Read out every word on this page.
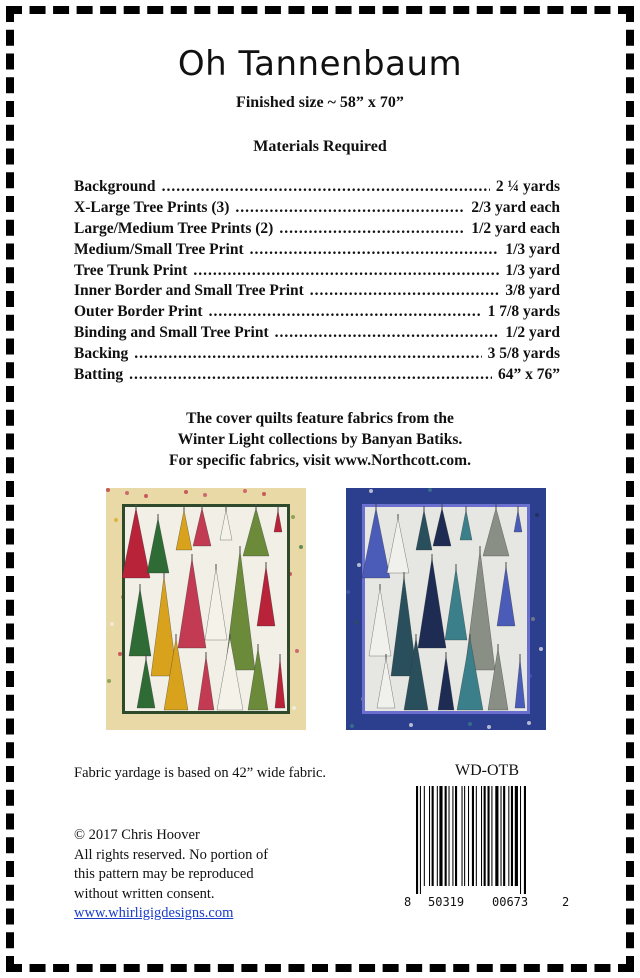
Oh Tannenbaum
Finished size ~ 58” x 70”
Materials Required
Background .....	2 ¼ yards
X-Large Tree Prints (3) .....	2/3 yard each
Large/Medium Tree Prints (2) .....	1/2 yard each
Medium/Small Tree Print .....	1/3 yard
Tree Trunk Print .....	1/3 yard
Inner Border and Small Tree Print .....	3/8 yard
Outer Border Print .....	1 7/8 yards
Binding and Small Tree Print .....	1/2 yard
Backing .....	3 5/8 yards
Batting .....	64” x 76”
The cover quilts feature fabrics from the
Winter Light collections by Banyan Batiks.
For specific fabrics, visit www.Northcott.com.
Fabric yardage is based on 42” wide fabric.	WD-OTB
© 2017 Chris Hoover
All rights reserved. No portion of
this pattern may be reproduced
without written consent.
www.whirligigdesigns.com
8 50319 00673	2
